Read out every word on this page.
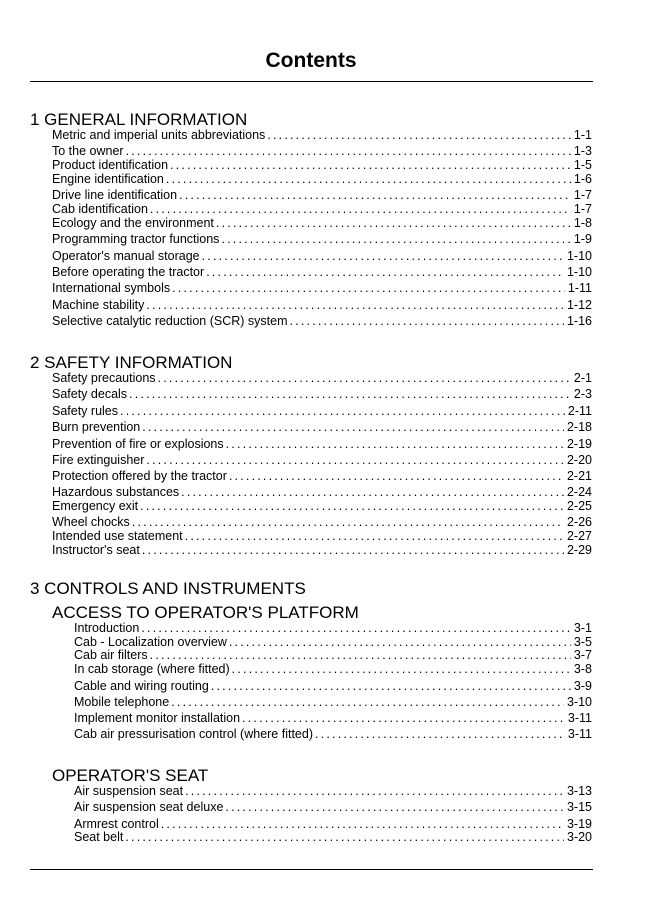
Contents
1 GENERAL INFORMATION
Metric and imperial units abbreviations .....	1-1
To the owner .....	1-3
Product identification .....	1-5
Engine identification .....	1-6
Drive line identification .....	1-7
Cab identification .....	1-7
Ecology and the environment .....	1-8
Programming tractor functions .....	1-9
Operator's manual storage .....	1-10
Before operating the tractor .....	1-10
International symbols .....	1-11
Machine stability .....	1-12
Selective catalytic reduction (SCR) system .....	1-16
2 SAFETY INFORMATION
Safety precautions .....	2-1
Safety decals .....	2-3
Safety rules .....	2-11
Burn prevention .....	2-18
Prevention of fire or explosions .....	2-19
Fire extinguisher .....	2-20
Protection offered by the tractor .....	2-21
Hazardous substances .....	2-24
Emergency exit .....	2-25
Wheel chocks .....	2-26
Intended use statement .....	2-27
Instructor's seat .....	2-29
3 CONTROLS AND INSTRUMENTS
ACCESS TO OPERATOR'S PLATFORM
Introduction .....	3-1
Cab - Localization overview .....	3-5
Cab air filters .....	3-7
In cab storage (where fitted) .....	3-8
Cable and wiring routing .....	3-9
Mobile telephone .....	3-10
Implement monitor installation .....	3-11
Cab air pressurisation control (where fitted) .....	3-11
OPERATOR'S SEAT
Air suspension seat .....	3-13
Air suspension seat deluxe .....	3-15
Armrest control .....	3-19
Seat belt .....	3-20
